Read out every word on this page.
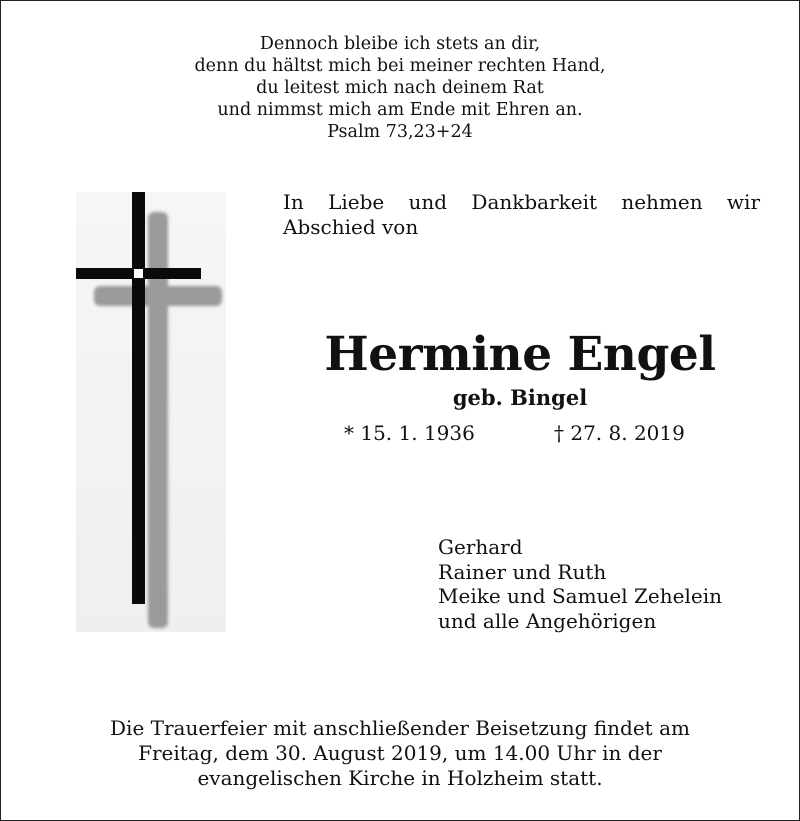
Dennoch bleibe ich stets an dir,
denn du hältst mich bei meiner rechten Hand,
du leitest mich nach deinem Rat
und nimmst mich am Ende mit Ehren an.
Psalm 73,23+24
In Liebe und Dankbarkeit nehmen wir
Abschied von
Hermine Engel
geb. Bingel
* 15. 1. 1936	† 27. 8. 2019
Gerhard
Rainer und Ruth
Meike und Samuel Zehelein
und alle Angehörigen
Die Trauerfeier mit anschließender Beisetzung findet am
Freitag, dem 30. August 2019, um 14.00 Uhr in der
evangelischen Kirche in Holzheim statt.
